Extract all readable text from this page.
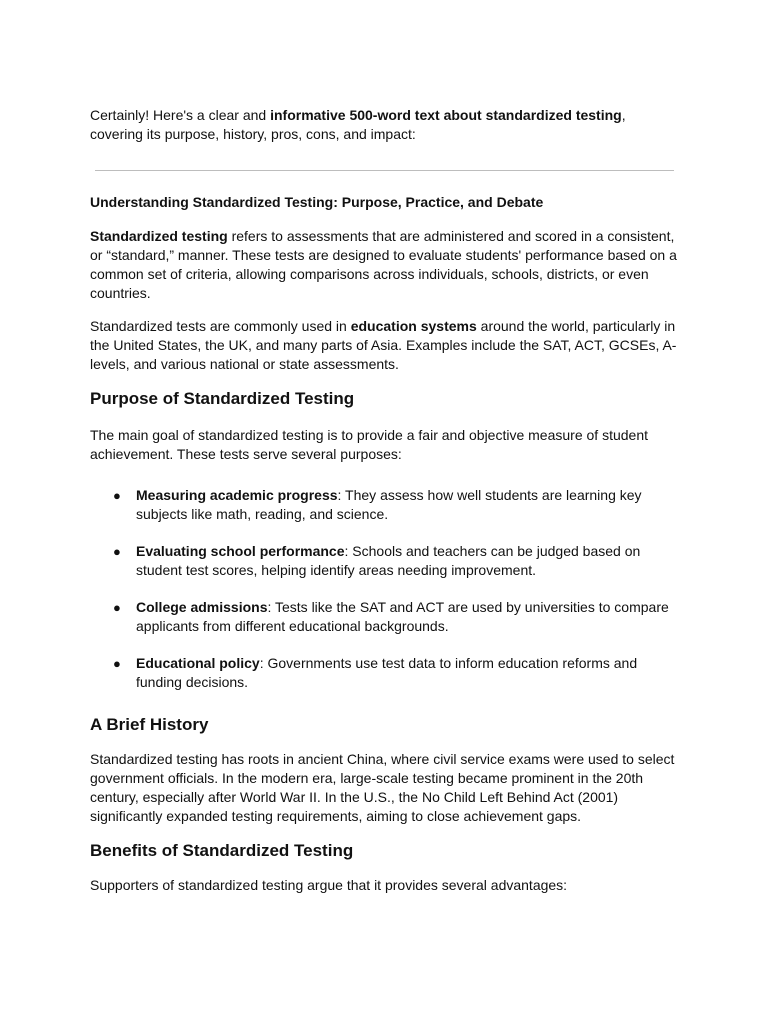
Certainly! Here's a clear and informative 500-word text about standardized testing, covering its purpose, history, pros, cons, and impact:

Understanding Standardized Testing: Purpose, Practice, and Debate

Standardized testing refers to assessments that are administered and scored in a consistent, or “standard,” manner. These tests are designed to evaluate students' performance based on a common set of criteria, allowing comparisons across individuals, schools, districts, or even countries.

Standardized tests are commonly used in education systems around the world, particularly in the United States, the UK, and many parts of Asia. Examples include the SAT, ACT, GCSEs, A-levels, and various national or state assessments.

Purpose of Standardized Testing

The main goal of standardized testing is to provide a fair and objective measure of student achievement. These tests serve several purposes:

● Measuring academic progress: They assess how well students are learning key subjects like math, reading, and science.
● Evaluating school performance: Schools and teachers can be judged based on student test scores, helping identify areas needing improvement.
● College admissions: Tests like the SAT and ACT are used by universities to compare applicants from different educational backgrounds.
● Educational policy: Governments use test data to inform education reforms and funding decisions.
A Brief History

Standardized testing has roots in ancient China, where civil service exams were used to select government officials. In the modern era, large-scale testing became prominent in the 20th century, especially after World War II. In the U.S., the No Child Left Behind Act (2001) significantly expanded testing requirements, aiming to close achievement gaps.

Benefits of Standardized Testing

Supporters of standardized testing argue that it provides several advantages:
